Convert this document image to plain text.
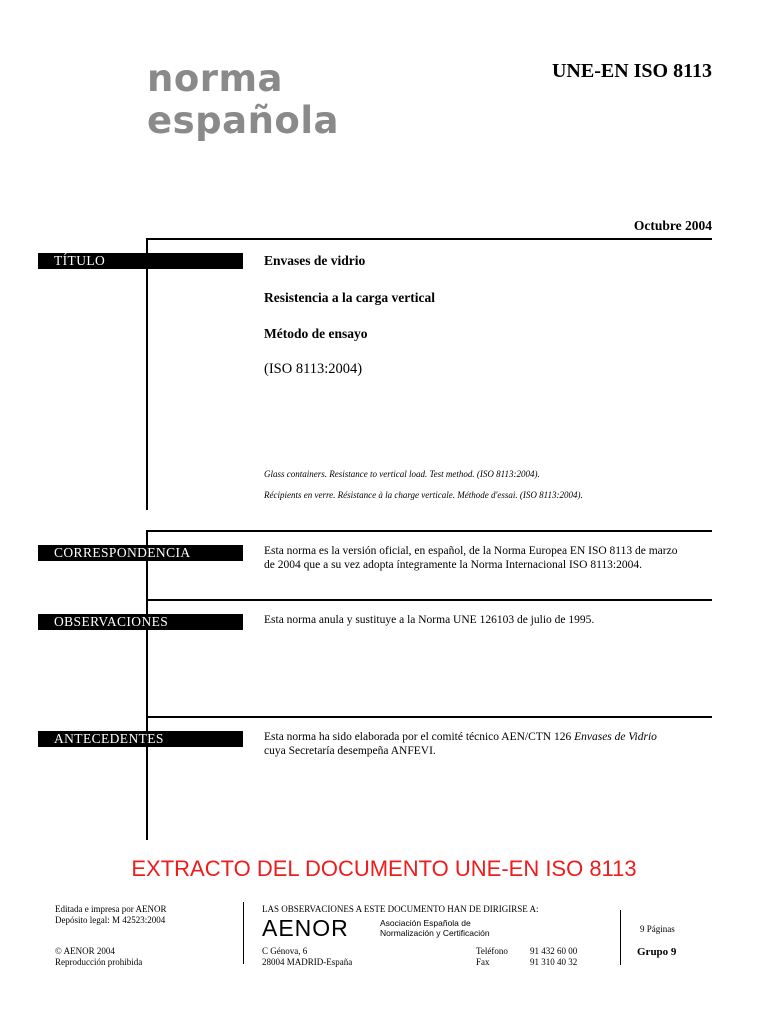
norma
española
UNE-EN ISO 8113
Octubre 2004
TÍTULO	Envases de vidrio
Resistencia a la carga vertical
Método de ensayo
(ISO 8113:2004)
Glass containers. Resistance to vertical load. Test method. (ISO 8113:2004).
Récipients en verre. Résistance à la charge verticale. Méthode d'essai. (ISO 8113:2004).
CORRESPONDENCIA	Esta norma es la versión oficial, en español, de la Norma Europea EN ISO 8113 de marzo
de 2004 que a su vez adopta íntegramente la Norma Internacional ISO 8113:2004.
OBSERVACIONES	Esta norma anula y sustituye a la Norma UNE 126103 de julio de 1995.
ANTECEDENTES	Esta norma ha sido elaborada por el comité técnico AEN/CTN 126 Envases de Vidrio
cuya Secretaría desempeña ANFEVI.
EXTRACTO DEL DOCUMENTO UNE-EN ISO 8113
Editada e impresa por AENOR
Depósito legal: M 42523:2004
© AENOR 2004
Reproducción prohibida
LAS OBSERVACIONES A ESTE DOCUMENTO HAN DE DIRIGIRSE A:
AENOR	Asociación Española de
Normalización y Certificación
C Génova, 6
28004 MADRID-España
Teléfono 91 432 60 00
Fax	91 310 40 32
9 Páginas
Grupo 9
